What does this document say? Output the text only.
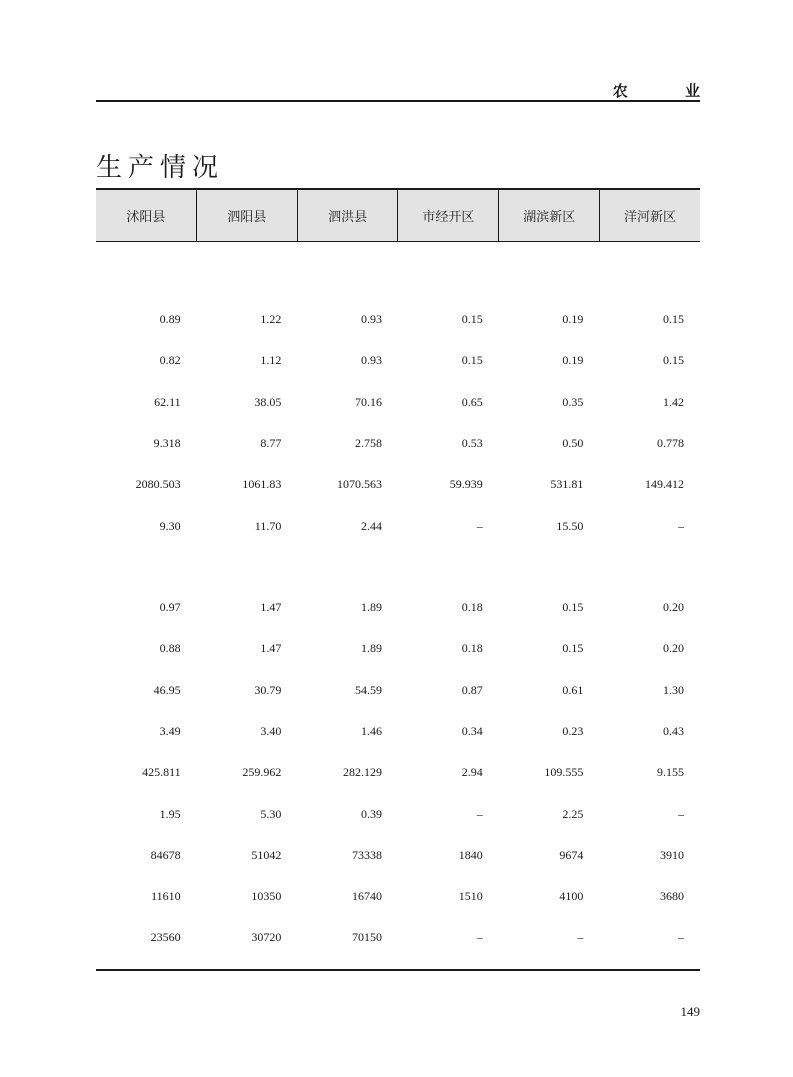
农 业
生产情况
沭阳县	泗阳县	泗洪县	市经开区	湖滨新区	洋河新区
0.89	1.22	0.93	0.15	0.19	0.15
0.82	1.12	0.93	0.15	0.19	0.15
62.11	38.05	70.16	0.65	0.35	1.42
9.318	8.77	2.758	0.53	0.50	0.778
2080.503	1061.83	1070.563	59.939	531.81	149.412
9.30	11.70	2.44	–	15.50	–
0.97	1.47	1.89	0.18	0.15	0.20
0.88	1.47	1.89	0.18	0.15	0.20
46.95	30.79	54.59	0.87	0.61	1.30
3.49	3.40	1.46	0.34	0.23	0.43
425.811	259.962	282.129	2.94	109.555	9.155
1.95	5.30	0.39	–	2.25	–
84678	51042	73338	1840	9674	3910
11610	10350	16740	1510	4100	3680
23560	30720	70150	–	–	–
149
